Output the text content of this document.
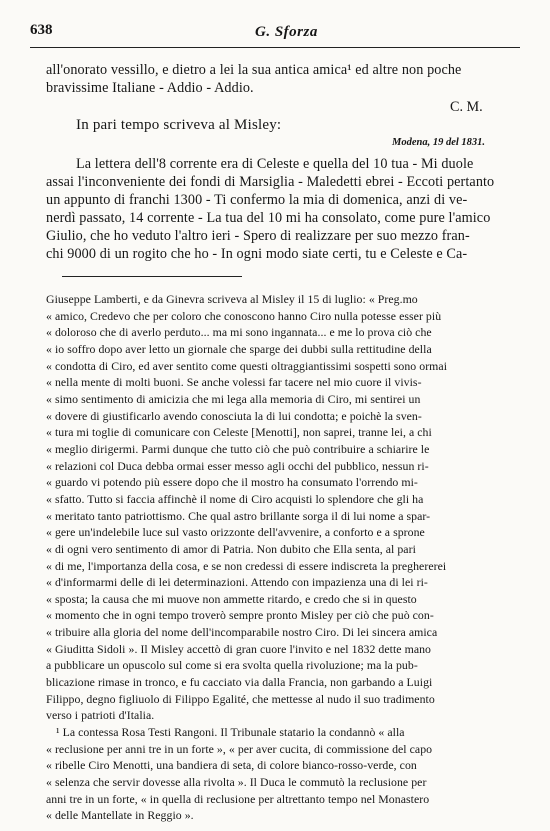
638	G. Sforza
all'onorato vessillo, e dietro a lei la sua antica amica¹ ed altre non poche
bravissime Italiane - Addio - Addio.
C. M.
In pari tempo scriveva al Misley:
Modena, 19 del 1831.
La lettera dell'8 corrente era di Celeste e quella del 10 tua - Mi duole
assai l'inconveniente dei fondi di Marsiglia - Maledetti ebrei - Eccoti pertanto
un appunto di franchi 1300 - Ti confermo la mia di domenica, anzi di ve-
nerdì passato, 14 corrente - La tua del 10 mi ha consolato, come pure l'amico
Giulio, che ho veduto l'altro ieri - Spero di realizzare per suo mezzo fran-
chi 9000 di un rogito che ho - In ogni modo siate certi, tu e Celeste e Ca-
Giuseppe Lamberti, e da Ginevra scriveva al Misley il 15 di luglio: « Preg.mo
« amico, Credevo che per coloro che conoscono hanno Ciro nulla potesse esser più
« doloroso che di averlo perduto... ma mi sono ingannata... e me lo prova ciò che
« io soffro dopo aver letto un giornale che sparge dei dubbi sulla rettitudine della
« condotta di Ciro, ed aver sentito come questi oltraggiantissimi sospetti sono ormai
« nella mente di molti buoni. Se anche volessi far tacere nel mio cuore il vivis-
« simo sentimento di amicizia che mi lega alla memoria di Ciro, mi sentirei un
« dovere di giustificarlo avendo conosciuta la di lui condotta; e poichè la sven-
« tura mi toglie di comunicare con Celeste [Menotti], non saprei, tranne lei, a chi
« meglio dirigermi. Parmi dunque che tutto ciò che può contribuire a schiarire le
« relazioni col Duca debba ormai esser messo agli occhi del pubblico, nessun ri-
« guardo vi potendo più essere dopo che il mostro ha consumato l'orrendo mi-
« sfatto. Tutto si faccia affinchè il nome di Ciro acquisti lo splendore che gli ha
« meritato tanto patriottismo. Che qual astro brillante sorga il di lui nome a spar-
« gere un'indelebile luce sul vasto orizzonte dell'avvenire, a conforto e a sprone
« di ogni vero sentimento di amor di Patria. Non dubito che Ella senta, al pari
« di me, l'importanza della cosa, e se non credessi di essere indiscreta la preghererei
« d'informarmi delle di lei determinazioni. Attendo con impazienza una di lei ri-
« sposta; la causa che mi muove non ammette ritardo, e credo che si in questo
« momento che in ogni tempo troverò sempre pronto Misley per ciò che può con-
« tribuire alla gloria del nome dell'incomparabile nostro Ciro. Di lei sincera amica
« Giuditta Sidoli ». Il Misley accettò di gran cuore l'invito e nel 1832 dette mano
a pubblicare un opuscolo sul come si era svolta quella rivoluzione; ma la pub-
blicazione rimase in tronco, e fu cacciato via dalla Francia, non garbando a Luigi
Filippo, degno figliuolo di Filippo Egalité, che mettesse al nudo il suo tradimento
verso i patrioti d'Italia.
¹ La contessa Rosa Testi Rangoni. Il Tribunale statario la condannò « alla
« reclusione per anni tre in un forte », « per aver cucita, di commissione del capo
« ribelle Ciro Menotti, una bandiera di seta, di colore bianco-rosso-verde, con
« selenza che servir dovesse alla rivolta ». Il Duca le commutò la reclusione per
anni tre in un forte, « in quella di reclusione per altrettanto tempo nel Monastero
« delle Mantellate in Reggio ».
